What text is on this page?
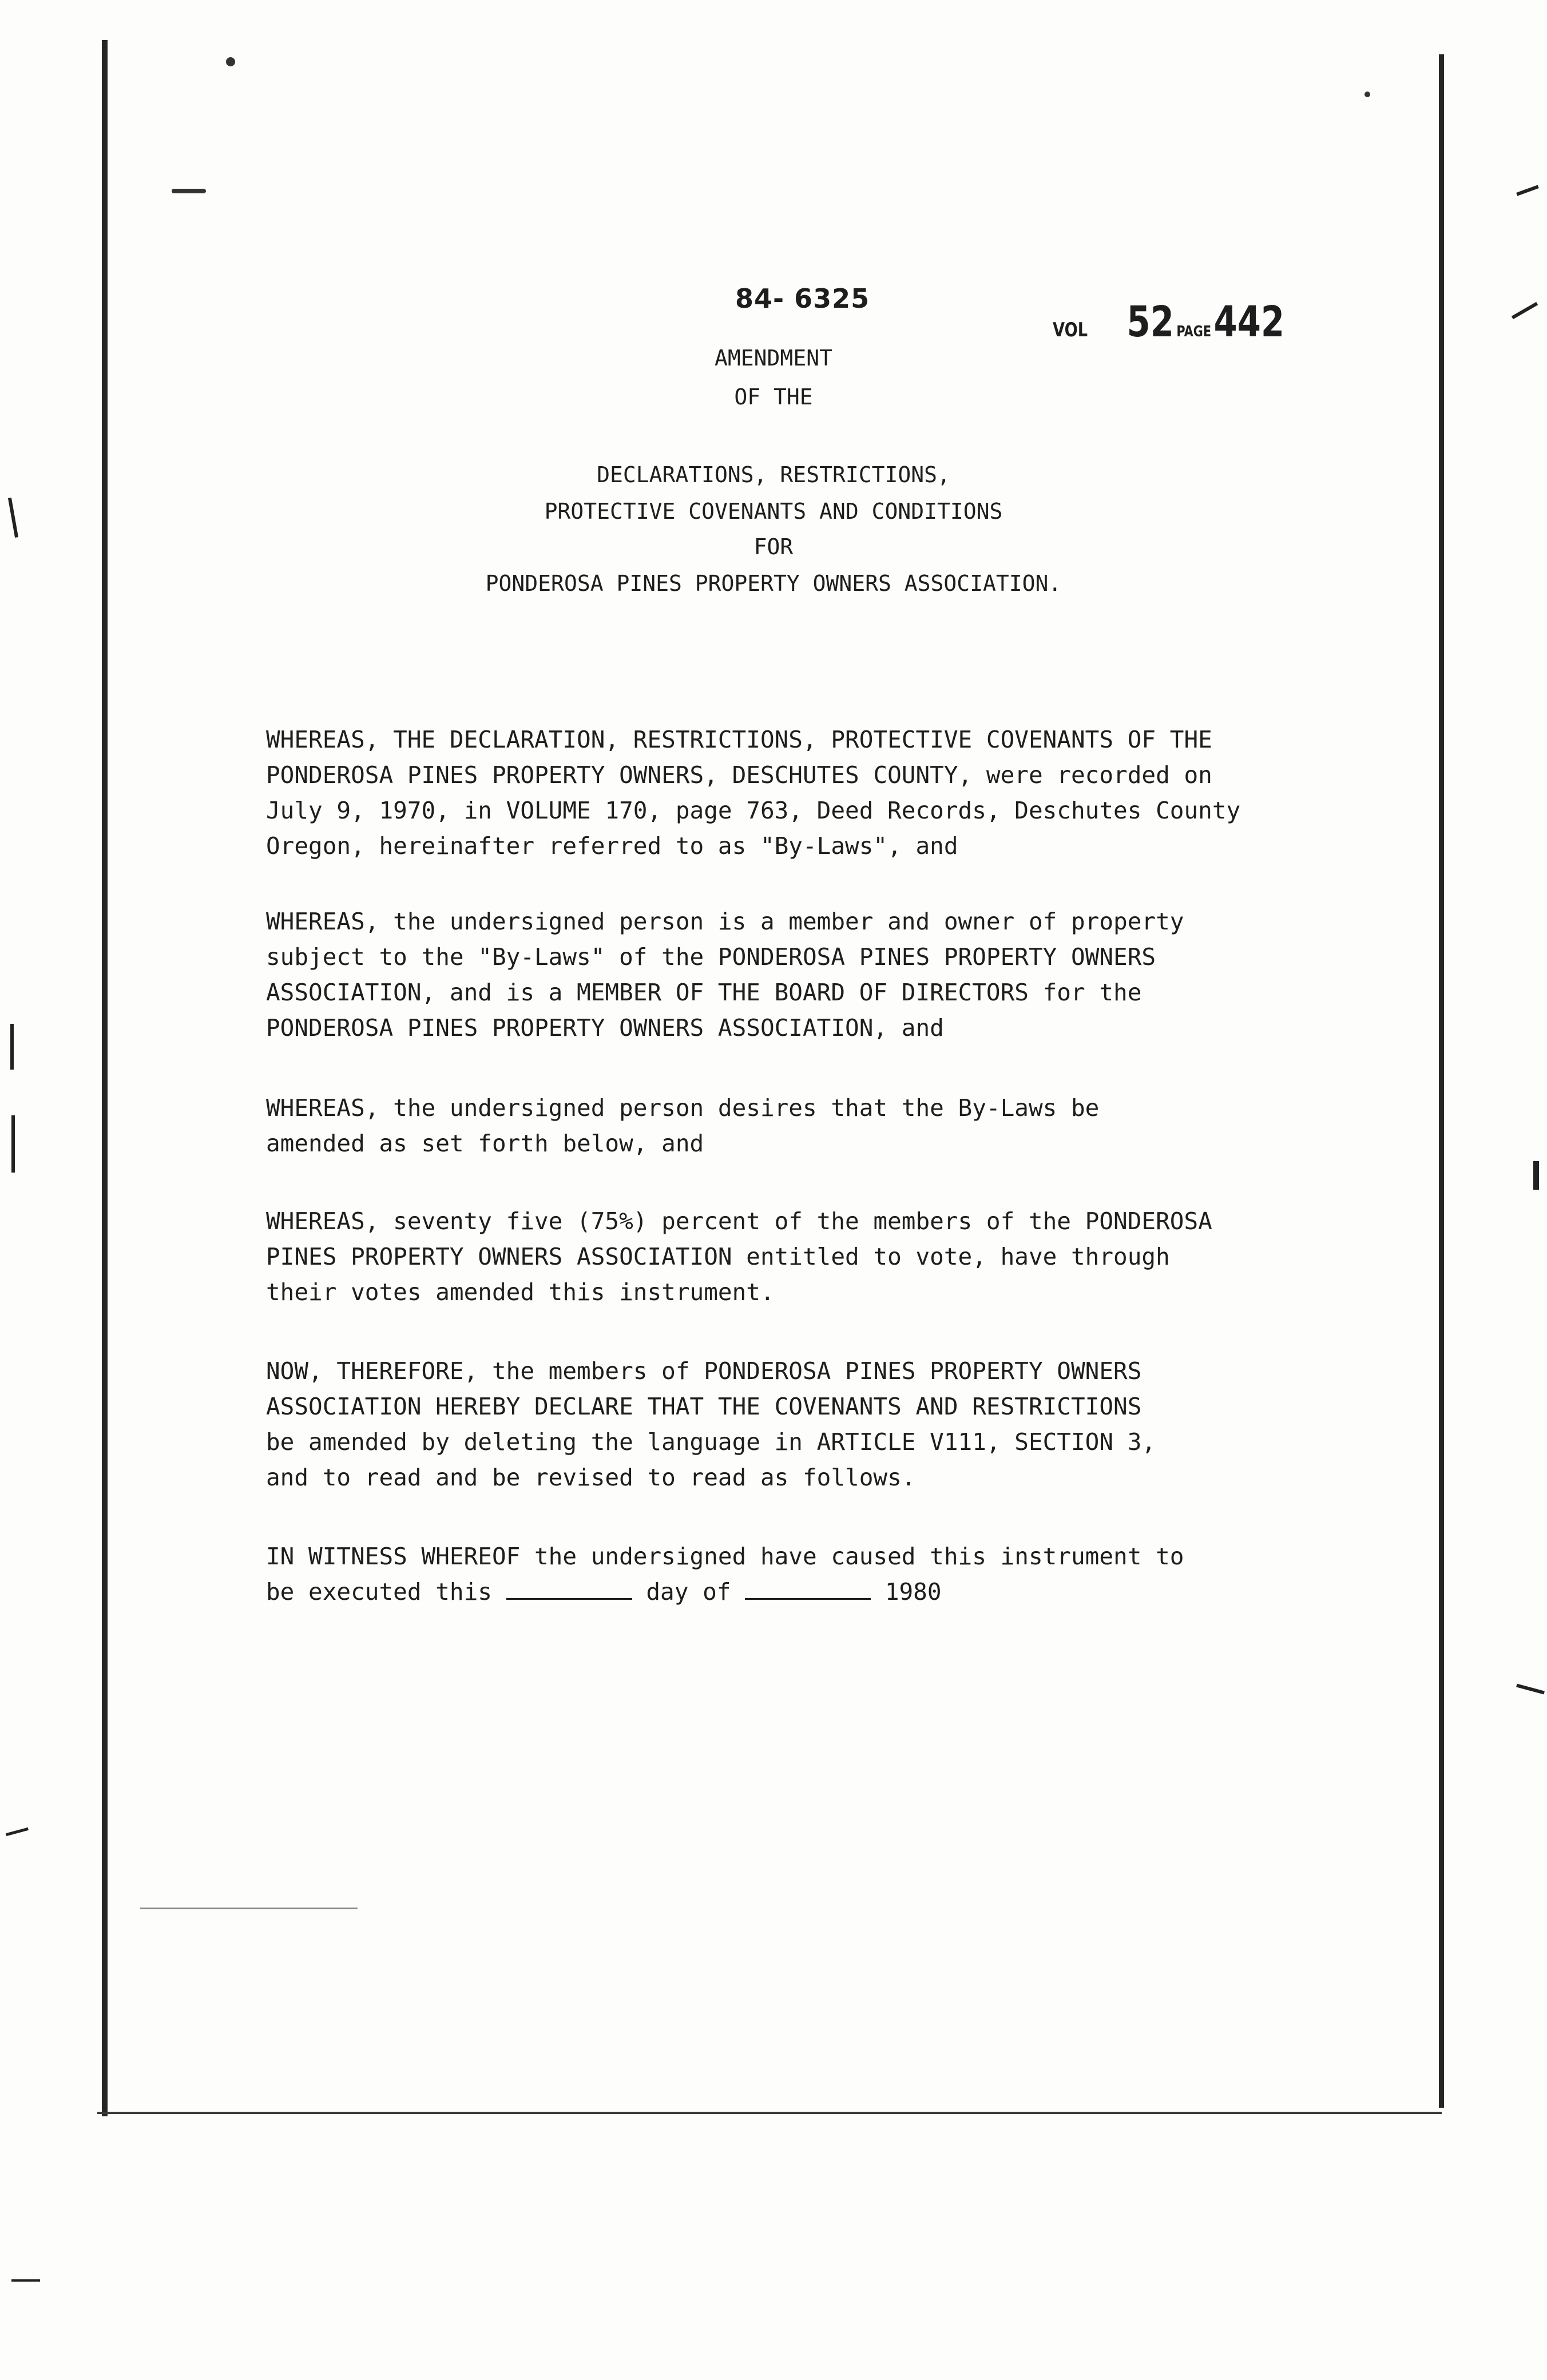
84- 6325
VOL 52 PAGE 442
AMENDMENT
OF THE
DECLARATIONS, RESTRICTIONS,
PROTECTIVE COVENANTS AND CONDITIONS
FOR
PONDEROSA PINES PROPERTY OWNERS ASSOCIATION.
WHEREAS, THE DECLARATION, RESTRICTIONS, PROTECTIVE COVENANTS OF THE
PONDEROSA PINES PROPERTY OWNERS, DESCHUTES COUNTY, were recorded on
July 9, 1970, in VOLUME 170, page 763, Deed Records, Deschutes County
Oregon, hereinafter referred to as "By-Laws", and
WHEREAS, the undersigned person is a member and owner of property
subject to the "By-Laws" of the PONDEROSA PINES PROPERTY OWNERS
ASSOCIATION, and is a MEMBER OF THE BOARD OF DIRECTORS for the
PONDEROSA PINES PROPERTY OWNERS ASSOCIATION, and
WHEREAS, the undersigned person desires that the By-Laws be
amended as set forth below, and
WHEREAS, seventy five (75%) percent of the members of the PONDEROSA
PINES PROPERTY OWNERS ASSOCIATION entitled to vote, have through
their votes amended this instrument.
NOW, THEREFORE, the members of PONDEROSA PINES PROPERTY OWNERS
ASSOCIATION HEREBY DECLARE THAT THE COVENANTS AND RESTRICTIONS
be amended by deleting the language in ARTICLE V111, SECTION 3,
and to read and be revised to read as follows.
IN WITNESS WHEREOF the undersigned have caused this instrument to
be executed this	day of	1980
